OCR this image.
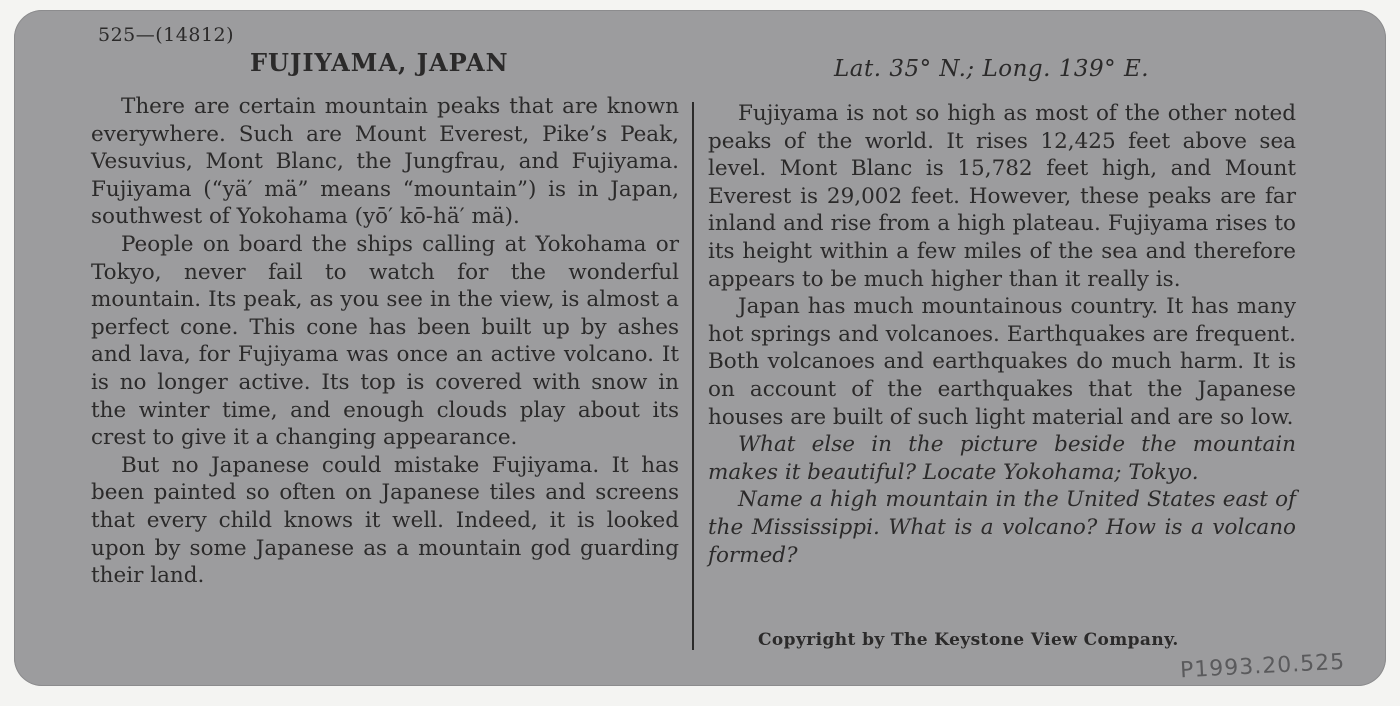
525—(14812)
FUJIYAMA, JAPAN	Lat. 35° N.; Long. 139° E.

There are certain mountain peaks that are known everywhere. Such are Mount Everest, Pike’s Peak, Vesuvius, Mont Blanc, the Jungfrau, and Fujiyama. Fujiyama (“yä′ mä” means “mountain”) is in Japan, southwest of Yokohama (yō′ kō-hä′ mä).

People on board the ships calling at Yokohama or Tokyo, never fail to watch for the wonderful mountain. Its peak, as you see in the view, is almost a perfect cone. This cone has been built up by ashes and lava, for Fujiyama was once an active volcano. It is no longer active. Its top is covered with snow in the winter time, and enough clouds play about its crest to give it a changing appearance.

But no Japanese could mistake Fujiyama. It has been painted so often on Japanese tiles and screens that every child knows it well. Indeed, it is looked upon by some Japanese as a mountain god guarding their land.

Fujiyama is not so high as most of the other noted peaks of the world. It rises 12,425 feet above sea level. Mont Blanc is 15,782 feet high, and Mount Everest is 29,002 feet. However, these peaks are far inland and rise from a high plateau. Fujiyama rises to its height within a few miles of the sea and therefore appears to be much higher than it really is.

Japan has much mountainous country. It has many hot springs and volcanoes. Earthquakes are frequent. Both volcanoes and earthquakes do much harm. It is on account of the earthquakes that the Japanese houses are built of such light material and are so low.

What else in the picture beside the mountain makes it beautiful? Locate Yokohama; Tokyo.

Name a high mountain in the United States east of the Mississippi. What is a volcano? How is a volcano formed?

Copyright by The Keystone View Company.
P1993.20.525
